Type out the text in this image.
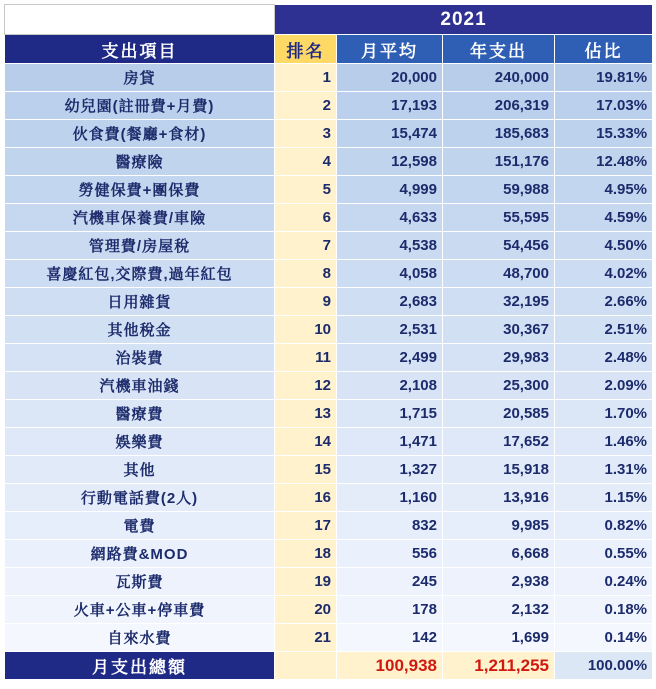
	2021			
支出項目	排名	月平均	年支出	佔比
房貸	1	20,000	240,000	19.81%
幼兒園(註冊費+月費)	2	17,193	206,319	17.03%
伙食費(餐廳+食材)	3	15,474	185,683	15.33%
醫療險	4	12,598	151,176	12.48%
勞健保費+團保費	5	4,999	59,988	4.95%
汽機車保養費/車險	6	4,633	55,595	4.59%
管理費/房屋稅	7	4,538	54,456	4.50%
喜慶紅包,交際費,過年紅包	8	4,058	48,700	4.02%
日用雜貨	9	2,683	32,195	2.66%
其他稅金	10	2,531	30,367	2.51%
治裝費	11	2,499	29,983	2.48%
汽機車油錢	12	2,108	25,300	2.09%
醫療費	13	1,715	20,585	1.70%
娛樂費	14	1,471	17,652	1.46%
其他	15	1,327	15,918	1.31%
行動電話費(2人)	16	1,160	13,916	1.15%
電費	17	832	9,985	0.82%
網路費&MOD	18	556	6,668	0.55%
瓦斯費	19	245	2,938	0.24%
火車+公車+停車費	20	178	2,132	0.18%
自來水費	21	142	1,699	0.14%
月支出總額		100,938	1,211,255	100.00%
